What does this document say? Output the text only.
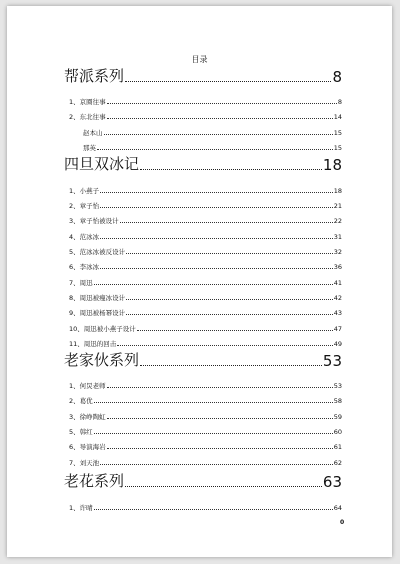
目录
帮派系列	8
1、京圈往事	8
2、东北往事	14
赵本山	15
那英	15
四旦双冰记	18
1、小燕子	18
2、章子怡	21
3、章子怡被设计	22
4、范冰冰	31
5、范冰冰被反设计	32
6、李冰冰	36
7、周迅	41
8、周迅被瘦冰设计	42
9、周迅被杨幂设计	43
10、周迅被小燕子设计	47
11、周迅的回击	49
老家伙系列	53
1、何炅老师	53
2、葛优	58
3、徐峥陶虹	59
5、韩红	60
6、导演海岩	61
7、刘天池	62
老花系列	63
1、许晴	64
0
